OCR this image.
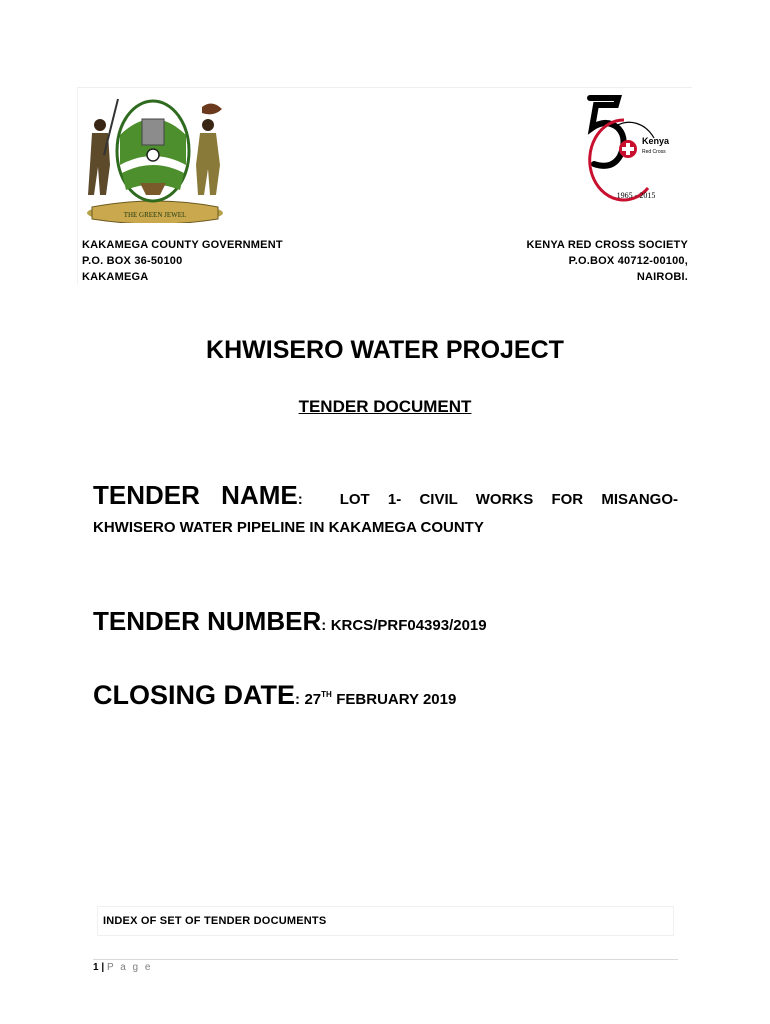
THE GREEN JEWEL
Kenya
Red Cross
1965 - 2015
KAKAMEGA COUNTY GOVERNMENT
P.O. BOX 36-50100
KAKAMEGA
KENYA RED CROSS SOCIETY
P.O.BOX 40712-00100,
NAIROBI.
KHWISERO WATER PROJECT
TENDER DOCUMENT
TENDER NAME: LOT 1- CIVIL WORKS FOR MISANGO-
KHWISERO WATER PIPELINE IN KAKAMEGA COUNTY
TENDER NUMBER: KRCS/PRF04393/2019
CLOSING DATE: 27TH FEBRUARY 2019
INDEX OF SET OF TENDER DOCUMENTS
1 | P a g e
